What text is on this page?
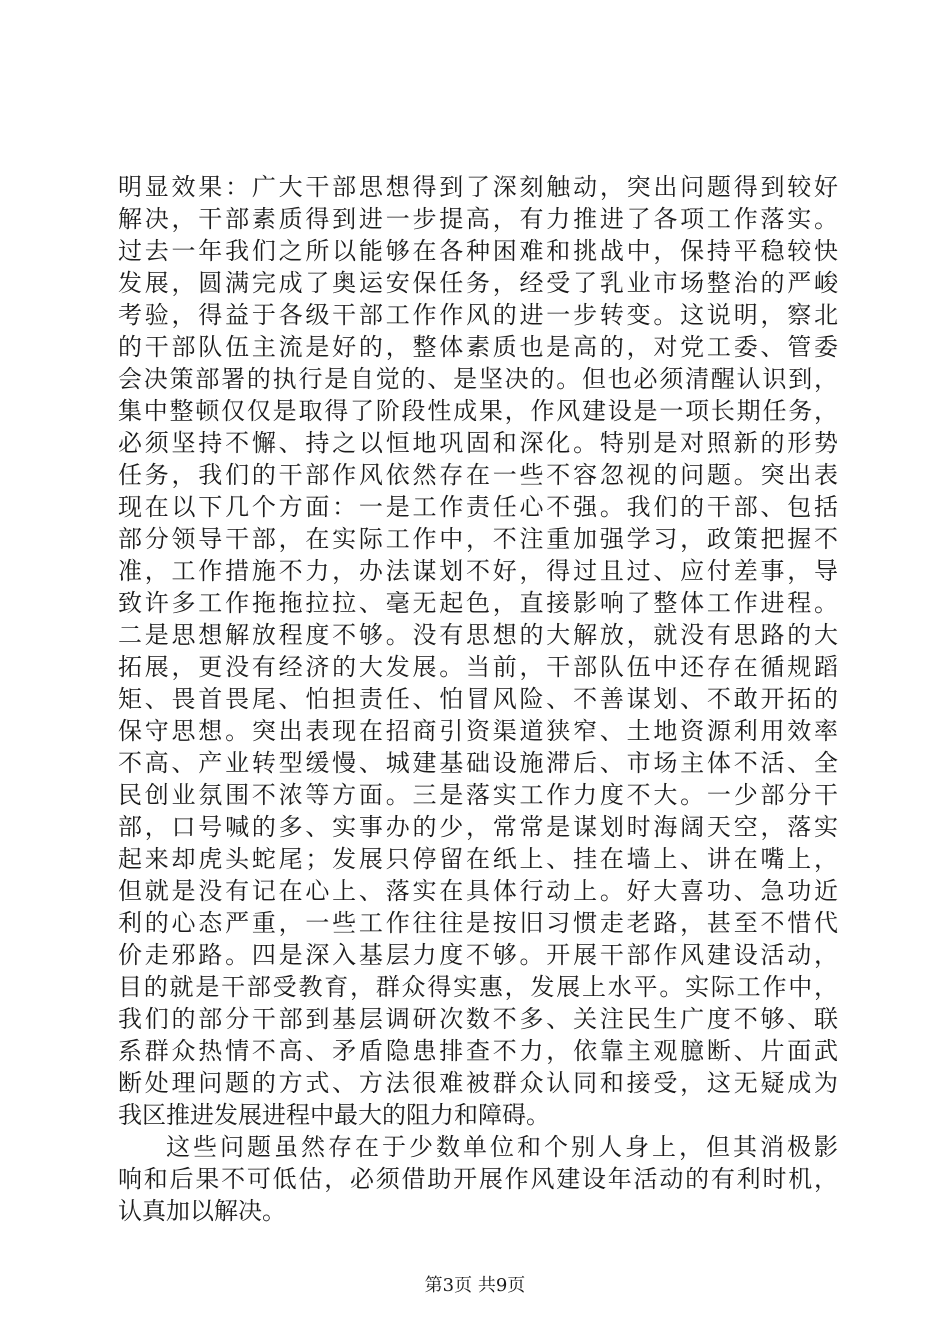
明显效果：广大干部思想得到了深刻触动，突出问题得到较好
解决，干部素质得到进一步提高，有力推进了各项工作落实。
过去一年我们之所以能够在各种困难和挑战中，保持平稳较快
发展，圆满完成了奥运安保任务，经受了乳业市场整治的严峻
考验，得益于各级干部工作作风的进一步转变。这说明，察北
的干部队伍主流是好的，整体素质也是高的，对党工委、管委
会决策部署的执行是自觉的、是坚决的。但也必须清醒认识到，
集中整顿仅仅是取得了阶段性成果，作风建设是一项长期任务，
必须坚持不懈、持之以恒地巩固和深化。特别是对照新的形势
任务，我们的干部作风依然存在一些不容忽视的问题。突出表
现在以下几个方面：一是工作责任心不强。我们的干部、包括
部分领导干部，在实际工作中，不注重加强学习，政策把握不
准，工作措施不力，办法谋划不好，得过且过、应付差事，导
致许多工作拖拖拉拉、毫无起色，直接影响了整体工作进程。
二是思想解放程度不够。没有思想的大解放，就没有思路的大
拓展，更没有经济的大发展。当前，干部队伍中还存在循规蹈
矩、畏首畏尾、怕担责任、怕冒风险、不善谋划、不敢开拓的
保守思想。突出表现在招商引资渠道狭窄、土地资源利用效率
不高、产业转型缓慢、城建基础设施滞后、市场主体不活、全
民创业氛围不浓等方面。三是落实工作力度不大。一少部分干
部，口号喊的多、实事办的少，常常是谋划时海阔天空，落实
起来却虎头蛇尾；发展只停留在纸上、挂在墙上、讲在嘴上，
但就是没有记在心上、落实在具体行动上。好大喜功、急功近
利的心态严重，一些工作往往是按旧习惯走老路，甚至不惜代
价走邪路。四是深入基层力度不够。开展干部作风建设活动，
目的就是干部受教育，群众得实惠，发展上水平。实际工作中，
我们的部分干部到基层调研次数不多、关注民生广度不够、联
系群众热情不高、矛盾隐患排查不力，依靠主观臆断、片面武
断处理问题的方式、方法很难被群众认同和接受，这无疑成为
我区推进发展进程中最大的阻力和障碍。
这些问题虽然存在于少数单位和个别人身上，但其消极影
响和后果不可低估，必须借助开展作风建设年活动的有利时机，
认真加以解决。
第3页 共9页
